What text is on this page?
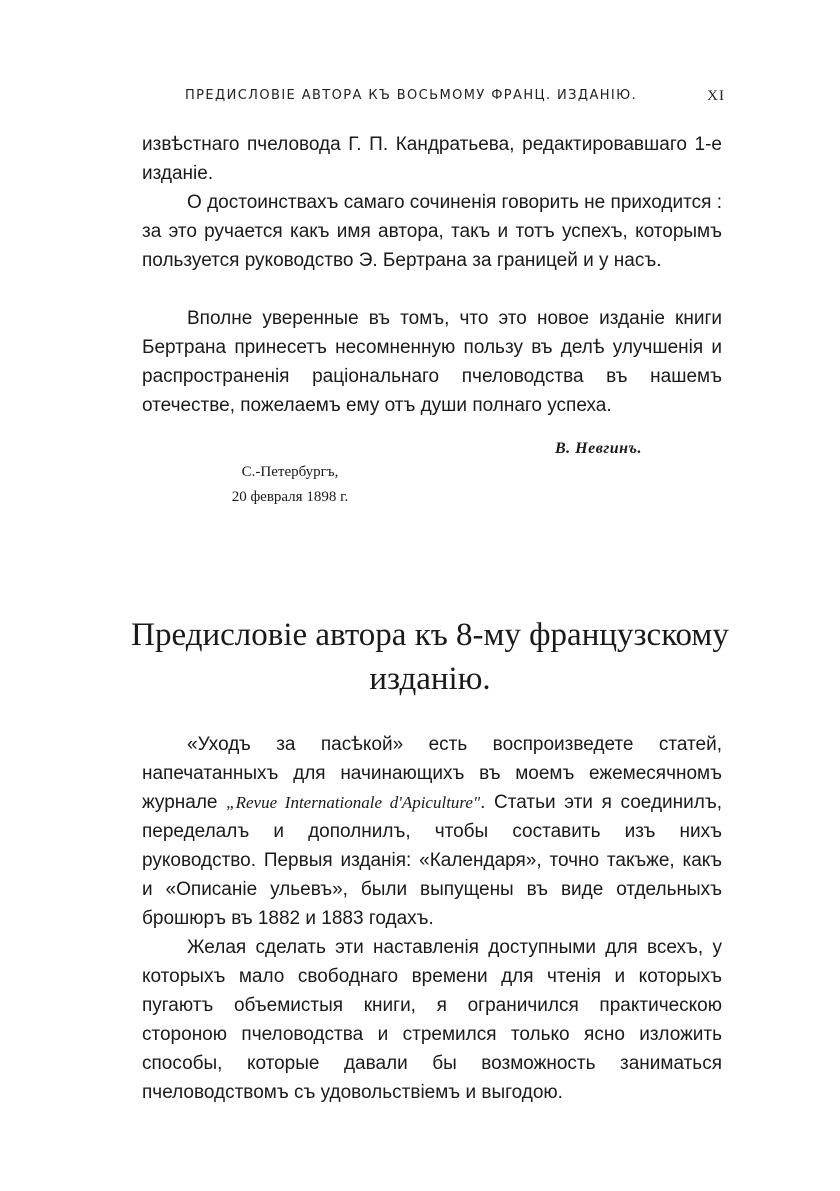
ПРЕДИСЛОВІЕ АВТОРА КЪ ВОСЬМОМУ ФРАНЦ. ИЗДАНІЮ.	XI

извѣстнаго пчеловода Г. П. Кандратьева, редактировавшаго 1-е изданіе.

О достоинствахъ самаго сочиненія говорить не приходится : за это ручается какъ имя автора, такъ и тотъ успехъ, которымъ пользуется руководство Э. Бертрана за границей и у насъ.

Вполне уверенные въ томъ, что это новое изданіе книги Бертрана принесетъ несомненную пользу въ делѣ улучшенія и распространенія раціональнаго пчеловодства въ нашемъ отечестве, пожелаемъ ему отъ души полнаго успеха.

В. Невгинъ.
С.-Петербургъ,
20 февраля 1898 г.
Предисловіе автора къ 8-му французскому изданію.

«Уходъ за пасѣкой» есть воспроизведете статей, напечатанныхъ для начинающихъ въ моемъ ежемесячномъ журнале „Revue Internationale d'Apiculture". Статьи эти я соединилъ, переделалъ и дополнилъ, чтобы составить изъ нихъ руководство. Первыя изданія: «Календаря», точно такъже, какъ и «Описаніе ульевъ», были выпущены въ виде отдельныхъ брошюръ въ 1882 и 1883 годахъ.

Желая сделать эти наставленія доступными для всехъ, у которыхъ мало свободнаго времени для чтенія и которыхъ пугаютъ объемистыя книги, я ограничился практическою стороною пчеловодства и стремился только ясно изложить способы, которые давали бы возможность заниматься пчеловодствомъ съ удовольствіемъ и выгодою.
